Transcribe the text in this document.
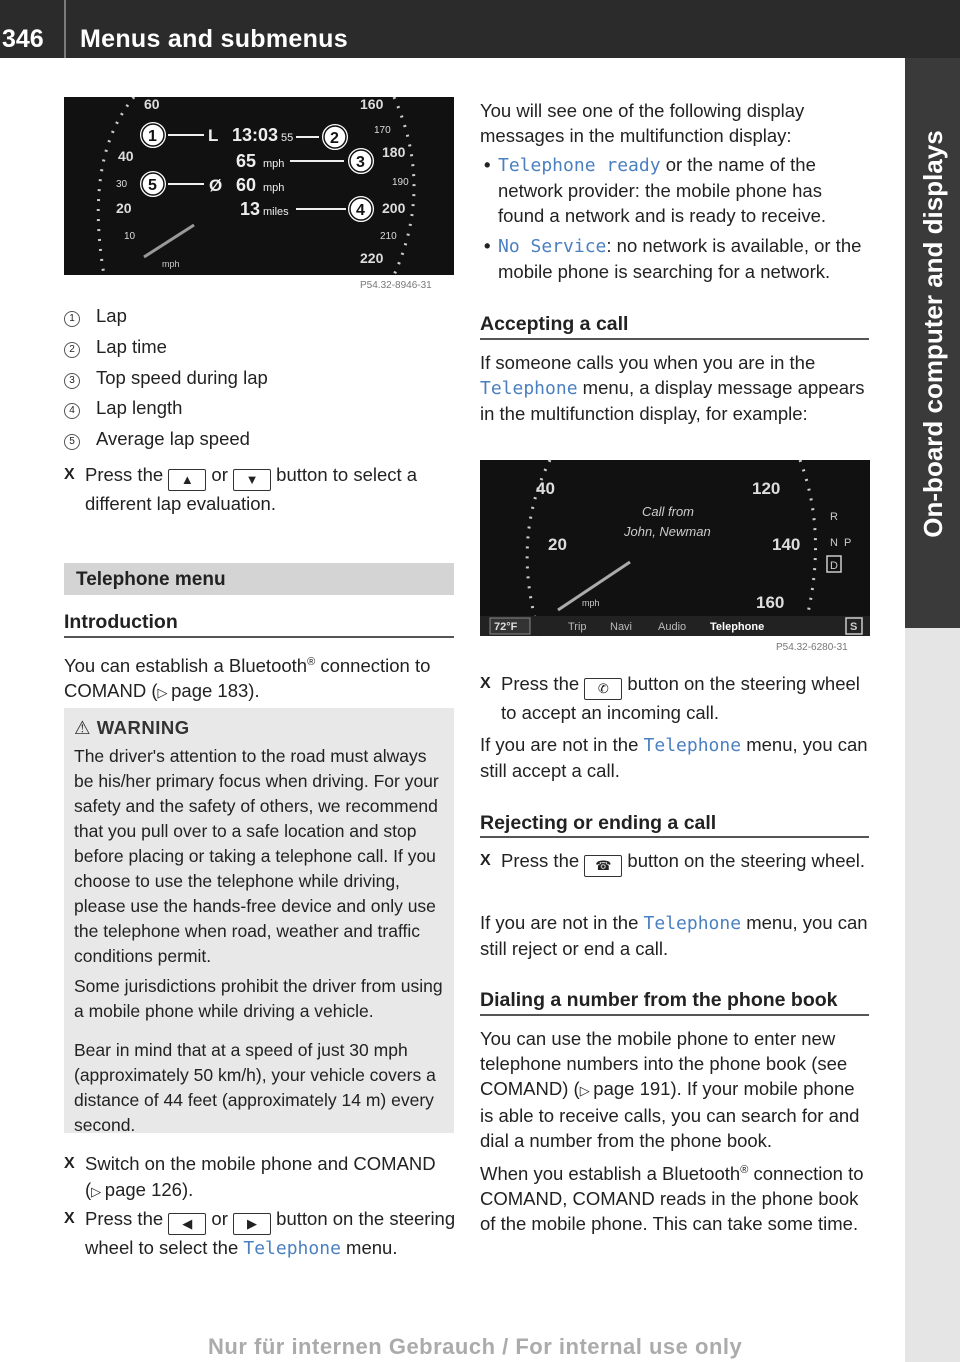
346	Menus and submenus
On-board computer and displays
60
40
30
20
10
160
170
180
190
200
210
220
mph
L 13:03 55
65 mph
Ø 60 mph
13 miles
1
5
2
3
4
P54.32-8946-31
1 Lap
2 Lap time
3 Top speed during lap
4 Lap length
5 Average lap speed
X Press the ▲ or ▼ button to select a different lap evaluation.
Telephone menu
Introduction
You can establish a Bluetooth® connection to COMAND (▷ page 183).
⚠ WARNING
The driver's attention to the road must always be his/her primary focus when driving. For your safety and the safety of others, we recommend that you pull over to a safe location and stop before placing or taking a telephone call. If you choose to use the telephone while driving, please use the hands-free device and only use the telephone when road, weather and traffic conditions permit.
Some jurisdictions prohibit the driver from using a mobile phone while driving a vehicle.
Bear in mind that at a speed of just 30 mph (approximately 50 km/h), your vehicle covers a distance of 44 feet (approximately 14 m) every second.
X Switch on the mobile phone and COMAND (▷ page 126).
X Press the ◀ or ▶ button on the steering wheel to select the Telephone menu.
You will see one of the following display messages in the multifunction display:
• Telephone ready or the name of the network provider: the mobile phone has found a network and is ready to receive.
• No Service: no network is available, or the mobile phone is searching for a network.
Accepting a call
If someone calls you when you are in the Telephone menu, a display message appears in the multifunction display, for example:
40
20
120
140
160
mph
Call from
John, Newman
R
N P
D
72°F	Trip Navi Audio Telephone	S
P54.32-6280-31
X Press the ✆ button on the steering wheel to accept an incoming call.
If you are not in the Telephone menu, you can still accept a call.
Rejecting or ending a call
X Press the ☎ button on the steering wheel.
If you are not in the Telephone menu, you can still reject or end a call.
Dialing a number from the phone book
You can use the mobile phone to enter new telephone numbers into the phone book (see COMAND) (▷ page 191). If your mobile phone is able to receive calls, you can search for and dial a number from the phone book.
When you establish a Bluetooth® connection to COMAND, COMAND reads in the phone book of the mobile phone. This can take some time.
Nur für internen Gebrauch / For internal use only
